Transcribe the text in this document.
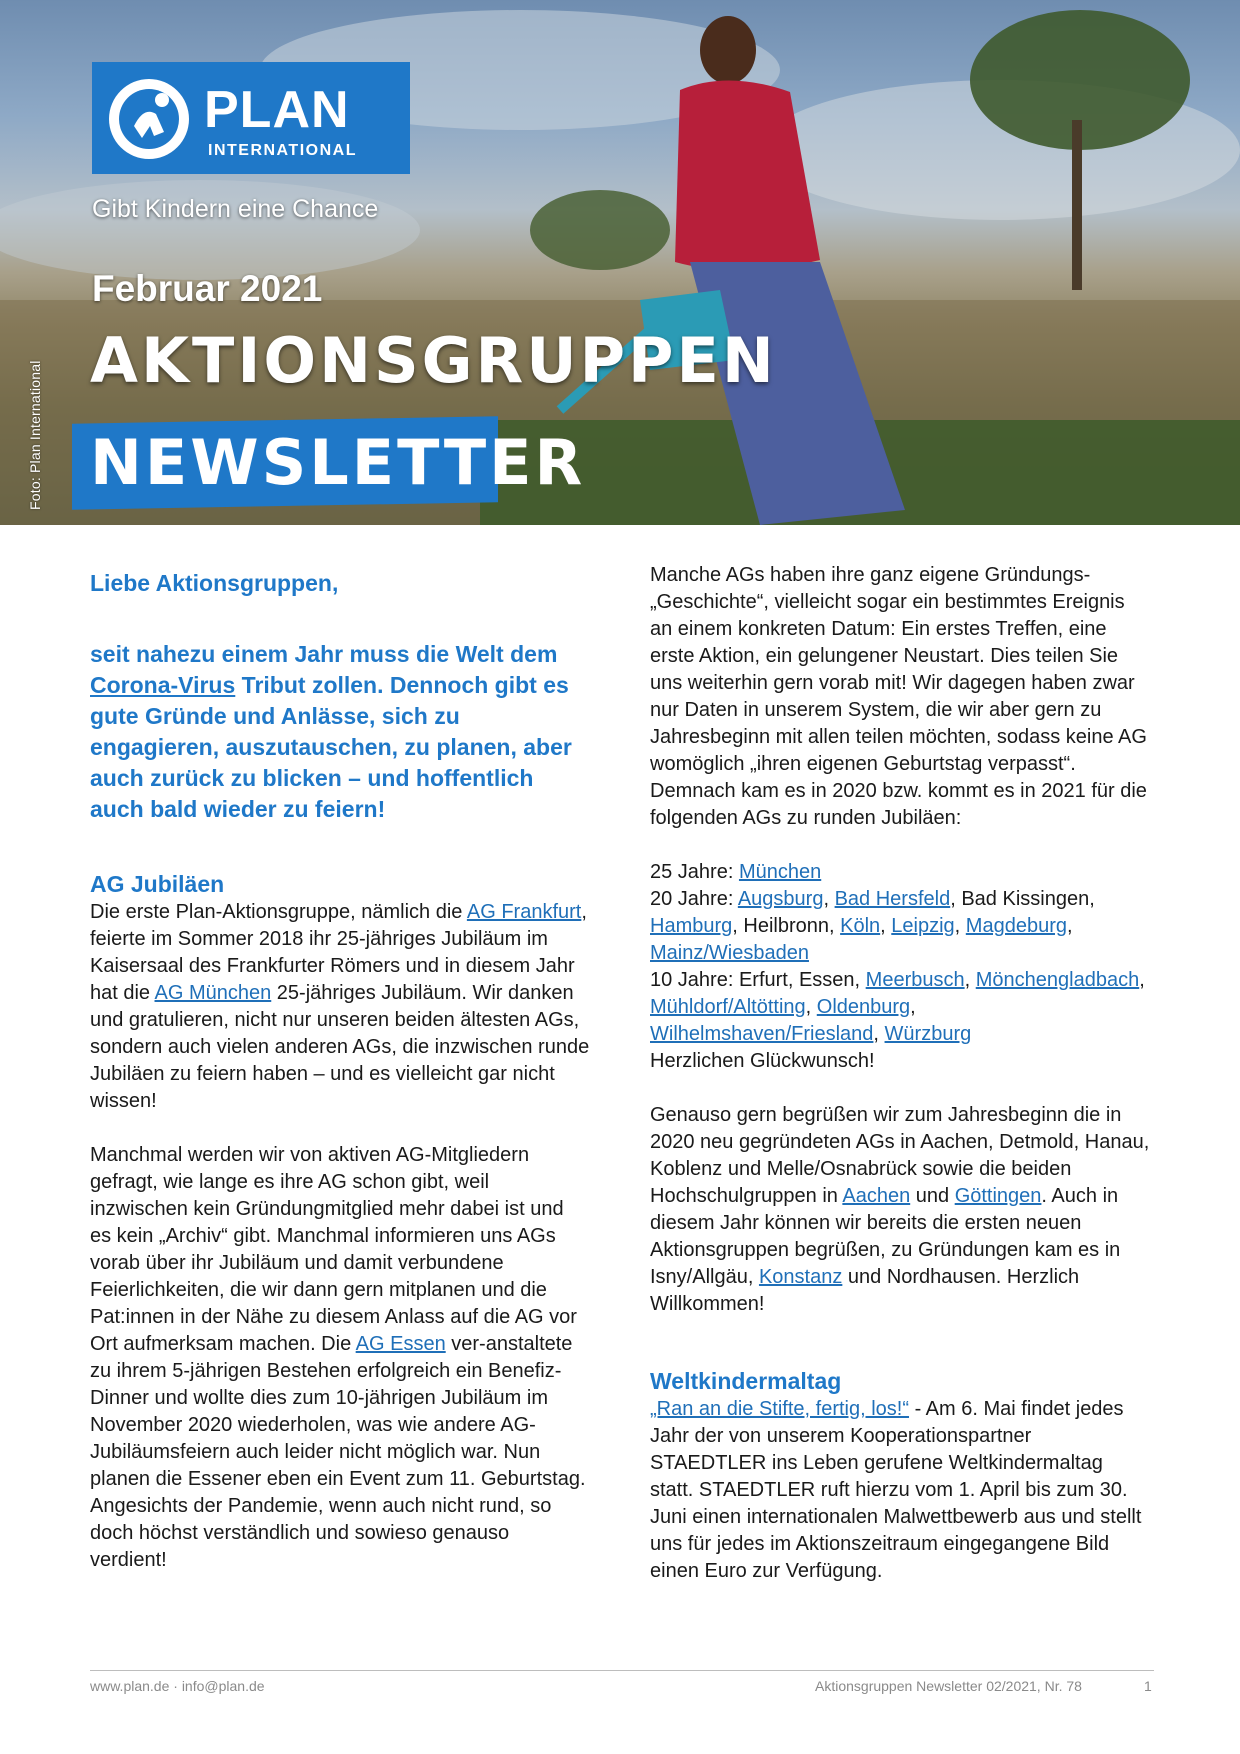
Foto: Plan International
PLAN
INTERNATIONAL
Gibt Kindern eine Chance
Februar 2021
AKTIONSGRUPPEN
NEWSLETTER

Liebe Aktionsgruppen,

seit nahezu einem Jahr muss die Welt dem Corona-Virus Tribut zollen. Dennoch gibt es gute Gründe und Anlässe, sich zu engagieren, auszutauschen, zu planen, aber auch zurück zu blicken – und hoffentlich auch bald wieder zu feiern!

AG Jubiläen

Die erste Plan-Aktionsgruppe, nämlich die AG Frankfurt, feierte im Sommer 2018 ihr 25-jähriges Jubiläum im Kaisersaal des Frankfurter Römers und in diesem Jahr hat die AG München 25-jähriges Jubiläum. Wir danken und gratulieren, nicht nur unseren beiden ältesten AGs, sondern auch vielen anderen AGs, die inzwischen runde Jubiläen zu feiern haben – und es vielleicht gar nicht wissen!

Manchmal werden wir von aktiven AG-Mitgliedern gefragt, wie lange es ihre AG schon gibt, weil inzwischen kein Gründungmitglied mehr dabei ist und es kein „Archiv“ gibt. Manchmal informieren uns AGs vorab über ihr Jubiläum und damit verbundene Feierlichkeiten, die wir dann gern mitplanen und die Pat:innen in der Nähe zu diesem Anlass auf die AG vor Ort aufmerksam machen. Die AG Essen ver-anstaltete zu ihrem 5-jährigen Bestehen erfolgreich ein Benefiz-Dinner und wollte dies zum 10-jährigen Jubiläum im November 2020 wiederholen, was wie andere AG-Jubiläumsfeiern auch leider nicht möglich war. Nun planen die Essener eben ein Event zum 11. Geburtstag. Angesichts der Pandemie, wenn auch nicht rund, so doch höchst verständlich und sowieso genauso verdient!

Manche AGs haben ihre ganz eigene Gründungs-„Geschichte“, vielleicht sogar ein bestimmtes Ereignis an einem konkreten Datum: Ein erstes Treffen, eine erste Aktion, ein gelungener Neustart. Dies teilen Sie uns weiterhin gern vorab mit! Wir dagegen haben zwar nur Daten in unserem System, die wir aber gern zu Jahresbeginn mit allen teilen möchten, sodass keine AG womöglich „ihren eigenen Geburtstag verpasst“. Demnach kam es in 2020 bzw. kommt es in 2021 für die folgenden AGs zu runden Jubiläen:

25 Jahre: München

20 Jahre: Augsburg, Bad Hersfeld, Bad Kissingen, Hamburg, Heilbronn, Köln, Leipzig, Magdeburg, Mainz/Wiesbaden

10 Jahre: Erfurt, Essen, Meerbusch, Mönchengladbach, Mühldorf/Altötting, Oldenburg, Wilhelmshaven/Friesland, Würzburg

Herzlichen Glückwunsch!

Genauso gern begrüßen wir zum Jahresbeginn die in 2020 neu gegründeten AGs in Aachen, Detmold, Hanau, Koblenz und Melle/Osnabrück sowie die beiden Hochschulgruppen in Aachen und Göttingen. Auch in diesem Jahr können wir bereits die ersten neuen Aktionsgruppen begrüßen, zu Gründungen kam es in Isny/Allgäu, Konstanz und Nordhausen. Herzlich Willkommen!

Weltkindermaltag

„Ran an die Stifte, fertig, los!“ - Am 6. Mai findet jedes Jahr der von unserem Kooperationspartner STAEDTLER ins Leben gerufene Weltkindermaltag statt. STAEDTLER ruft hierzu vom 1. April bis zum 30. Juni einen internationalen Malwettbewerb aus und stellt uns für jedes im Aktionszeitraum eingegangene Bild einen Euro zur Verfügung.

www.plan.de · info@plan.de	Aktionsgruppen Newsletter 02/2021, Nr. 78	1
